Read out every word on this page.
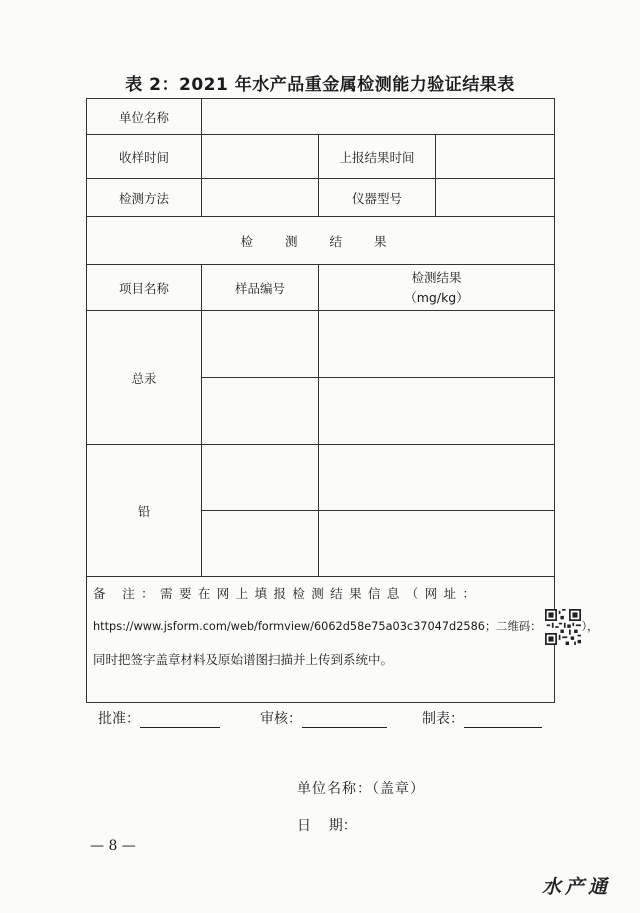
表 2：2021 年水产品重金属检测能力验证结果表
单位名称			
收样时间		上报结果时间	
检测方法		仪器型号	
检 测 结 果			
项目名称	样品编号	检测结果
（mg/kg）	

总汞			

铅			

备 注：需要在网上填报检测结果信息（网址：
https://www.jsform.com/web/formview/6062d58e75a03c37047d2586；二维码： ），
同时把签字盖章材料及原始谱图扫描并上传到系统中。			
批准：	审核：	制表：
单位名称：（盖章）
日    期：
— 8 —
水产通
